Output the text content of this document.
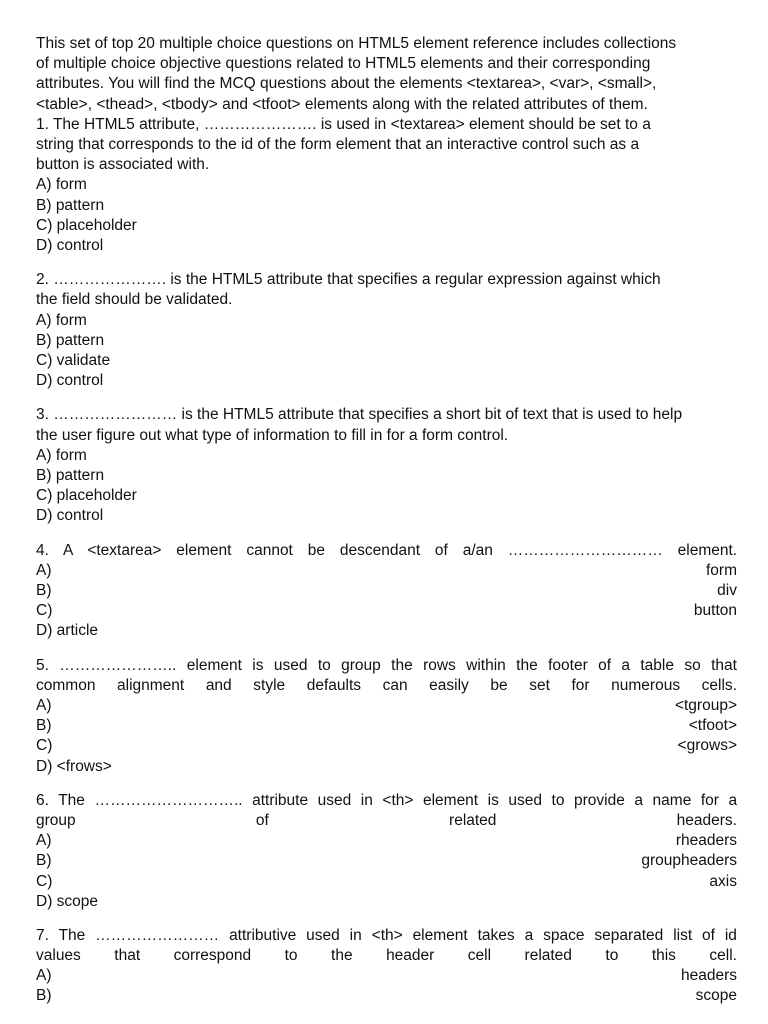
This set of top 20 multiple choice questions on HTML5 element reference includes collections
of multiple choice objective questions related to HTML5 elements and their corresponding
attributes. You will find the MCQ questions about the elements <textarea>, <var>, <small>,
<table>, <thead>, <tbody> and <tfoot> elements along with the related attributes of them.

1. The HTML5 attribute, …………………. is used in <textarea> element should be set to a
string that corresponds to the id of the form element that an interactive control such as a
button is associated with.
A) form
B) pattern
C) placeholder
D) control
2. …………………. is the HTML5 attribute that specifies a regular expression against which
the field should be validated.
A) form
B) pattern
C) validate
D) control
3. …………………… is the HTML5 attribute that specifies a short bit of text that is used to help
the user figure out what type of information to fill in for a form control.
A) form
B) pattern
C) placeholder
D) control
4. A <textarea> element cannot be descendant of a/an ………………………… element.
A)	form
B)	div
C)	button
D) article
5. ………………….. element is used to group the rows within the footer of a table so that
common alignment and style defaults can easily be set for numerous cells.
A)	<tgroup>
B)	<tfoot>
C)	<grows>
D) <frows>
6. The ……………………….. attribute used in <th> element is used to provide a name for a
group	of	related	headers.
A)	rheaders
B)	groupheaders
C)	axis
D) scope
7. The …………………… attributive used in <th> element takes a space separated list of id
values that correspond to the header cell related to this cell.
A)	headers
B)	scope
